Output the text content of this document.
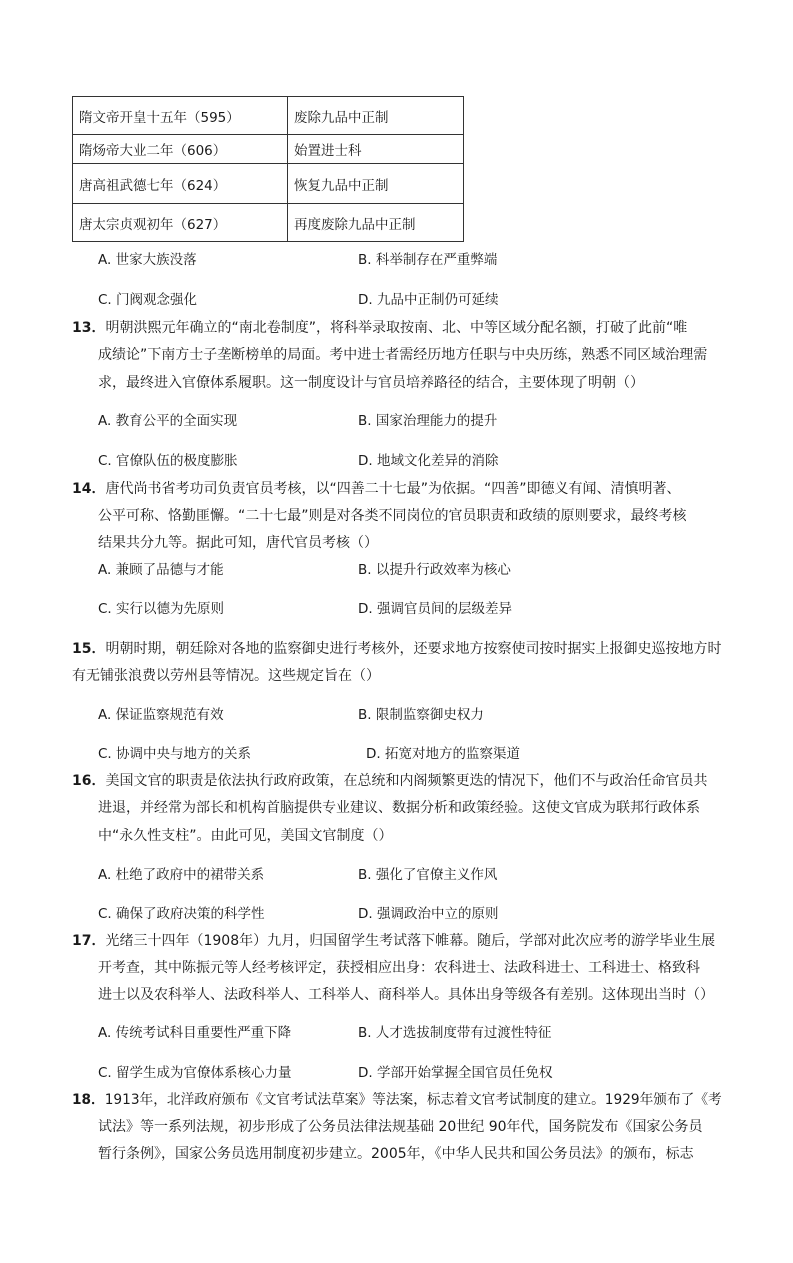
隋文帝开皇十五年（595）	废除九品中正制
隋炀帝大业二年（606）	始置进士科
唐高祖武德七年（624）	恢复九品中正制
唐太宗贞观初年（627）	再度废除九品中正制
A. 世家大族没落	B. 科举制存在严重弊端
C. 门阀观念强化	D. 九品中正制仍可延续
13．明朝洪熙元年确立的“南北卷制度”，将科举录取按南、北、中等区域分配名额，打破了此前“唯
成绩论”下南方士子垄断榜单的局面。考中进士者需经历地方任职与中央历练，熟悉不同区域治理需
求，最终进入官僚体系履职。这一制度设计与官员培养路径的结合，主要体现了明朝（）
A. 教育公平的全面实现	B. 国家治理能力的提升
C. 官僚队伍的极度膨胀	D. 地域文化差异的消除
14．唐代尚书省考功司负责官员考核，以“四善二十七最”为依据。“四善”即德义有闻、清慎明著、
公平可称、恪勤匪懈。“二十七最”则是对各类不同岗位的官员职责和政绩的原则要求，最终考核
结果共分九等。据此可知，唐代官员考核（）
A. 兼顾了品德与才能	B. 以提升行政效率为核心
C. 实行以德为先原则	D. 强调官员间的层级差异
15．明朝时期，朝廷除对各地的监察御史进行考核外，还要求地方按察使司按时据实上报御史巡按地方时
有无铺张浪费以劳州县等情况。这些规定旨在（）
A. 保证监察规范有效	B. 限制监察御史权力
C. 协调中央与地方的关系	D. 拓宽对地方的监察渠道
16．美国文官的职责是依法执行政府政策，在总统和内阁频繁更迭的情况下，他们不与政治任命官员共
进退，并经常为部长和机构首脑提供专业建议、数据分析和政策经验。这使文官成为联邦行政体系
中“永久性支柱”。由此可见，美国文官制度（）
A. 杜绝了政府中的裙带关系	B. 强化了官僚主义作风
C. 确保了政府决策的科学性	D. 强调政治中立的原则
17．光绪三十四年（1908年）九月，归国留学生考试落下帷幕。随后，学部对此次应考的游学毕业生展
开考查，其中陈振元等人经考核评定，获授相应出身：农科进士、法政科进士、工科进士、格致科
进士以及农科举人、法政科举人、工科举人、商科举人。具体出身等级各有差别。这体现出当时（）
A. 传统考试科目重要性严重下降	B. 人才选拔制度带有过渡性特征
C. 留学生成为官僚体系核心力量	D. 学部开始掌握全国官员任免权
18．1913年，北洋政府颁布《文官考试法草案》等法案，标志着文官考试制度的建立。1929年颁布了《考
试法》等一系列法规，初步形成了公务员法律法规基础 20世纪 90年代，国务院发布《国家公务员
暂行条例》，国家公务员选用制度初步建立。2005年，《中华人民共和国公务员法》的颁布，标志
